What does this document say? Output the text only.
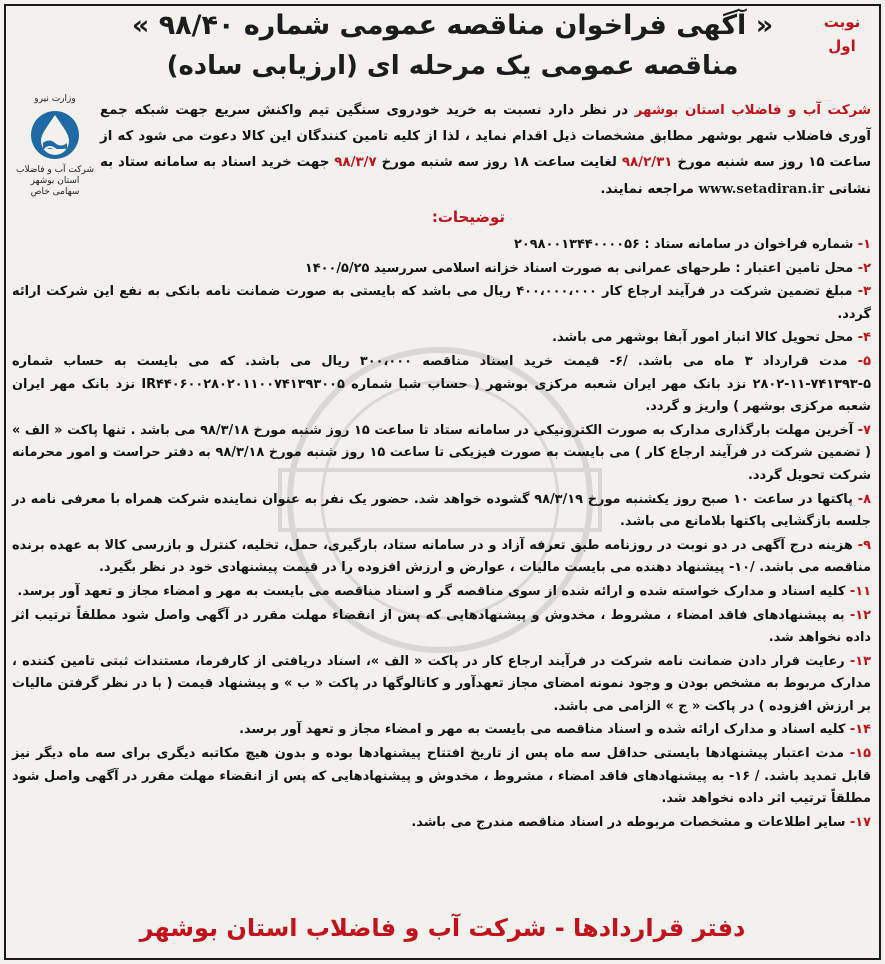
نوبت اول
« آگهی فراخوان مناقصه عمومی شماره ۹۸/۴۰ »
مناقصه عمومی یک مرحله ای (ارزیابی ساده)
وزارت نیرو
شرکت آب و فاضلاب
استان بوشهر
سهامی خاص
شرکت آب و فاضلاب استان بوشهر در نظر دارد نسبت به خرید خودروی سنگین تیم واکنش سریع جهت شبکه جمع آوری فاضلاب شهر بوشهر مطابق مشخصات ذیل اقدام نماید ، لذا از کلیه تامین کنندگان این کالا دعوت می شود که از ساعت ۱۵ روز سه شنبه مورخ ۹۸/۲/۳۱ لغایت ساعت ۱۸ روز سه شنبه مورخ ۹۸/۳/۷ جهت خرید اسناد به سامانه ستاد به نشانی www.setadiran.ir مراجعه نمایند.
توضیحات:
۱- شماره فراخوان در سامانه ستاد : ۲۰۹۸۰۰۱۳۴۴۰۰۰۰۵۶
۲- محل تامین اعتبار : طرحهای عمرانی به صورت اسناد خزانه اسلامی سررسید ۱۴۰۰/۵/۲۵
۳- مبلغ تضمین شرکت در فرآیند ارجاع کار ۴۰۰،۰۰۰،۰۰۰ ریال می باشد که بایستی به صورت ضمانت نامه بانکی به نفع این شرکت ارائه گردد.
۴- محل تحویل کالا انبار امور آبفا بوشهر می باشد.
۵- مدت قرارداد ۳ ماه می باشد. /۶- قیمت خرید اسناد مناقصه ۳۰۰،۰۰۰ ریال می باشد. که می بایست به حساب شماره ۵-۷۴۱۳۹۳-۱۱-۲۸۰۲ نزد بانک مهر ایران شعبه مرکزی بوشهر ( حساب شبا شماره IR۴۴۰۶۰۰۲۸۰۲۰۱۱۰۰۷۴۱۳۹۳۰۰۵ نزد بانک مهر ایران شعبه مرکزی بوشهر ) واریز و گردد.
۷- آخرین مهلت بارگذاری مدارک به صورت الکترونیکی در سامانه ستاد تا ساعت ۱۵ روز شنبه مورخ ۹۸/۳/۱۸ می باشد . تنها پاکت « الف » ( تضمین شرکت در فرآیند ارجاع کار ) می بایست به صورت فیزیکی تا ساعت ۱۵ روز شنبه مورخ ۹۸/۳/۱۸ به دفتر حراست و امور محرمانه شرکت تحویل گردد.
۸- پاکتها در ساعت ۱۰ صبح روز یکشنبه مورخ ۹۸/۳/۱۹ گشوده خواهد شد. حضور یک نفر به عنوان نماینده شرکت همراه با معرفی نامه در جلسه بازگشایی پاکتها بلامانع می باشد.
۹- هزینه درج آگهی در دو نوبت در روزنامه طبق تعرفه آزاد و در سامانه ستاد، بارگیری، حمل، تخلیه، کنترل و بازرسی کالا به عهده برنده مناقصه می باشد. /۱۰- پیشنهاد دهنده می بایست مالیات ، عوارض و ارزش افزوده را در قیمت پیشنهادی خود در نظر بگیرد.
۱۱- کلیه اسناد و مدارک خواسته شده و ارائه شده از سوی مناقصه گر و اسناد مناقصه می بایست به مهر و امضاء مجاز و تعهد آور برسد.
۱۲- به پیشنهادهای فاقد امضاء ، مشروط ، مخدوش و پیشنهادهایی که پس از انقضاء مهلت مقرر در آگهی واصل شود مطلقاً ترتیب اثر داده نخواهد شد.
۱۳- رعایت قرار دادن ضمانت نامه شرکت در فرآیند ارجاع کار در پاکت « الف »، اسناد دریافتی از کارفرما، مستندات ثبتی تامین کننده ، مدارک مربوط به مشخص بودن و وجود نمونه امضای مجاز تعهدآور و کاتالوگها در پاکت « ب » و پیشنهاد قیمت ( با در نظر گرفتن مالیات بر ارزش افزوده ) در پاکت « ج » الزامی می باشد.
۱۴- کلیه اسناد و مدارک ارائه شده و اسناد مناقصه می بایست به مهر و امضاء مجاز و تعهد آور برسد.
۱۵- مدت اعتبار پیشنهادها بایستی حداقل سه ماه پس از تاریخ افتتاح پیشنهادها بوده و بدون هیچ مکاتبه دیگری برای سه ماه دیگر نیز قابل تمدید باشد. / ۱۶- به پیشنهادهای فاقد امضاء ، مشروط ، مخدوش و پیشنهادهایی که پس از انقضاء مهلت مقرر در آگهی واصل شود مطلقاً ترتیب اثر داده نخواهد شد.
۱۷- سایر اطلاعات و مشخصات مربوطه در اسناد مناقصه مندرج می باشد.
دفتر قراردادها - شرکت آب و فاضلاب استان بوشهر
